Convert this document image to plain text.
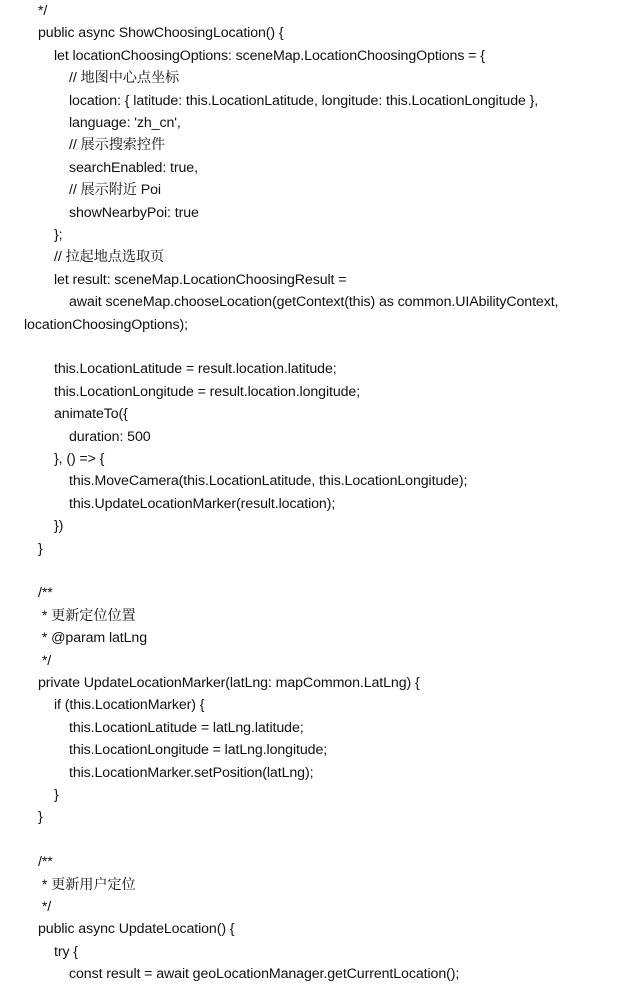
*/
public async ShowChoosingLocation() {
let locationChoosingOptions: sceneMap.LocationChoosingOptions = {
// 地图中心点坐标
location: { latitude: this.LocationLatitude, longitude: this.LocationLongitude },
language: 'zh_cn',
// 展示搜索控件
searchEnabled: true,
// 展示附近 Poi
showNearbyPoi: true
};
// 拉起地点选取页
let result: sceneMap.LocationChoosingResult =
await sceneMap.chooseLocation(getContext(this) as common.UIAbilityContext,
locationChoosingOptions);
this.LocationLatitude = result.location.latitude;
this.LocationLongitude = result.location.longitude;
animateTo({
duration: 500
}, () => {
this.MoveCamera(this.LocationLatitude, this.LocationLongitude);
this.UpdateLocationMarker(result.location);
})
}
/**
* 更新定位位置
* @param latLng
*/
private UpdateLocationMarker(latLng: mapCommon.LatLng) {
if (this.LocationMarker) {
this.LocationLatitude = latLng.latitude;
this.LocationLongitude = latLng.longitude;
this.LocationMarker.setPosition(latLng);
}
}
/**
* 更新用户定位
*/
public async UpdateLocation() {
try {
const result = await geoLocationManager.getCurrentLocation();
